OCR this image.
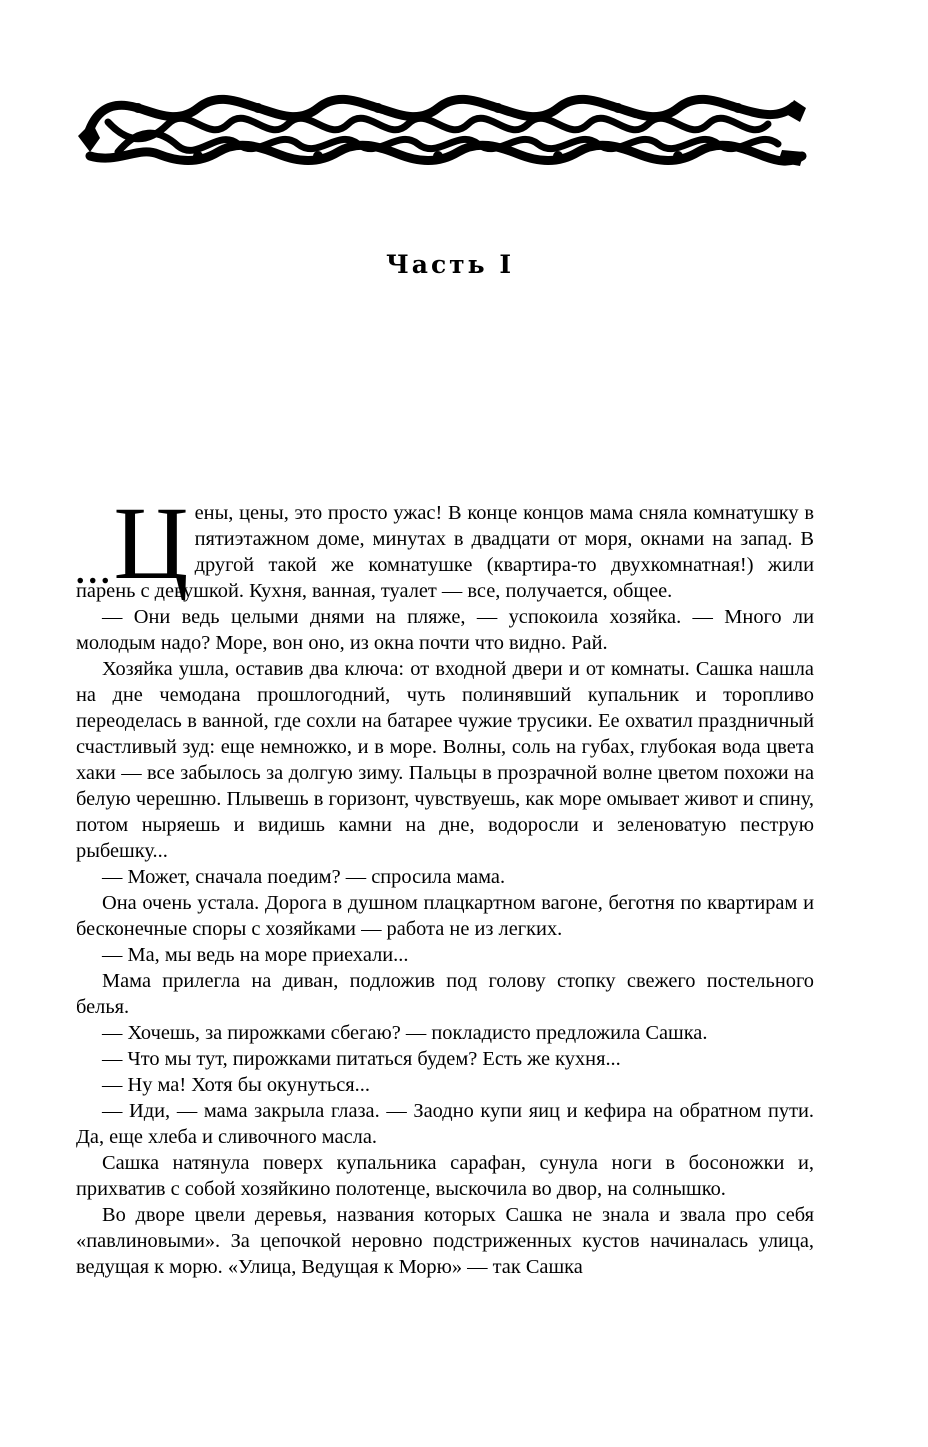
Часть I

...Ц ены, цены, это просто ужас! В конце концов мама сняла комнатушку в пятиэтажном доме, минутах в двадцати от моря, окнами на запад. В другой такой же комнатушке (квартира-то двухкомнатная!) жили парень с девушкой. Кухня, ванная, туалет — все, получается, общее.

— Они ведь целыми днями на пляже, — успокоила хозяйка. — Много ли молодым надо? Море, вон оно, из окна почти что видно. Рай.

Хозяйка ушла, оставив два ключа: от входной двери и от комнаты. Сашка нашла на дне чемодана прошлогодний, чуть полинявший купальник и торопливо переоделась в ванной, где сохли на батарее чужие трусики. Ее охватил праздничный счастливый зуд: еще немножко, и в море. Волны, соль на губах, глубокая вода цвета хаки — все забылось за долгую зиму. Пальцы в прозрачной волне цветом похожи на белую черешню. Плывешь в горизонт, чувствуешь, как море омывает живот и спину, потом ныряешь и видишь камни на дне, водоросли и зеленоватую пеструю рыбешку...

— Может, сначала поедим? — спросила мама.

Она очень устала. Дорога в душном плацкартном вагоне, беготня по квартирам и бесконечные споры с хозяйками — работа не из легких.

— Ма, мы ведь на море приехали...

Мама прилегла на диван, подложив под голову стопку свежего постельного белья.

— Хочешь, за пирожками сбегаю? — покладисто предложила Сашка.

— Что мы тут, пирожками питаться будем? Есть же кухня...

— Ну ма! Хотя бы окунуться...

— Иди, — мама закрыла глаза. — Заодно купи яиц и кефира на обратном пути. Да, еще хлеба и сливочного масла.

Сашка натянула поверх купальника сарафан, сунула ноги в босоножки и, прихватив с собой хозяйкино полотенце, выскочила во двор, на солнышко.

Во дворе цвели деревья, названия которых Сашка не знала и звала про себя «павлиновыми». За цепочкой неровно подстриженных кустов начиналась улица, ведущая к морю. «Улица, Ведущая к Морю» — так Сашка
